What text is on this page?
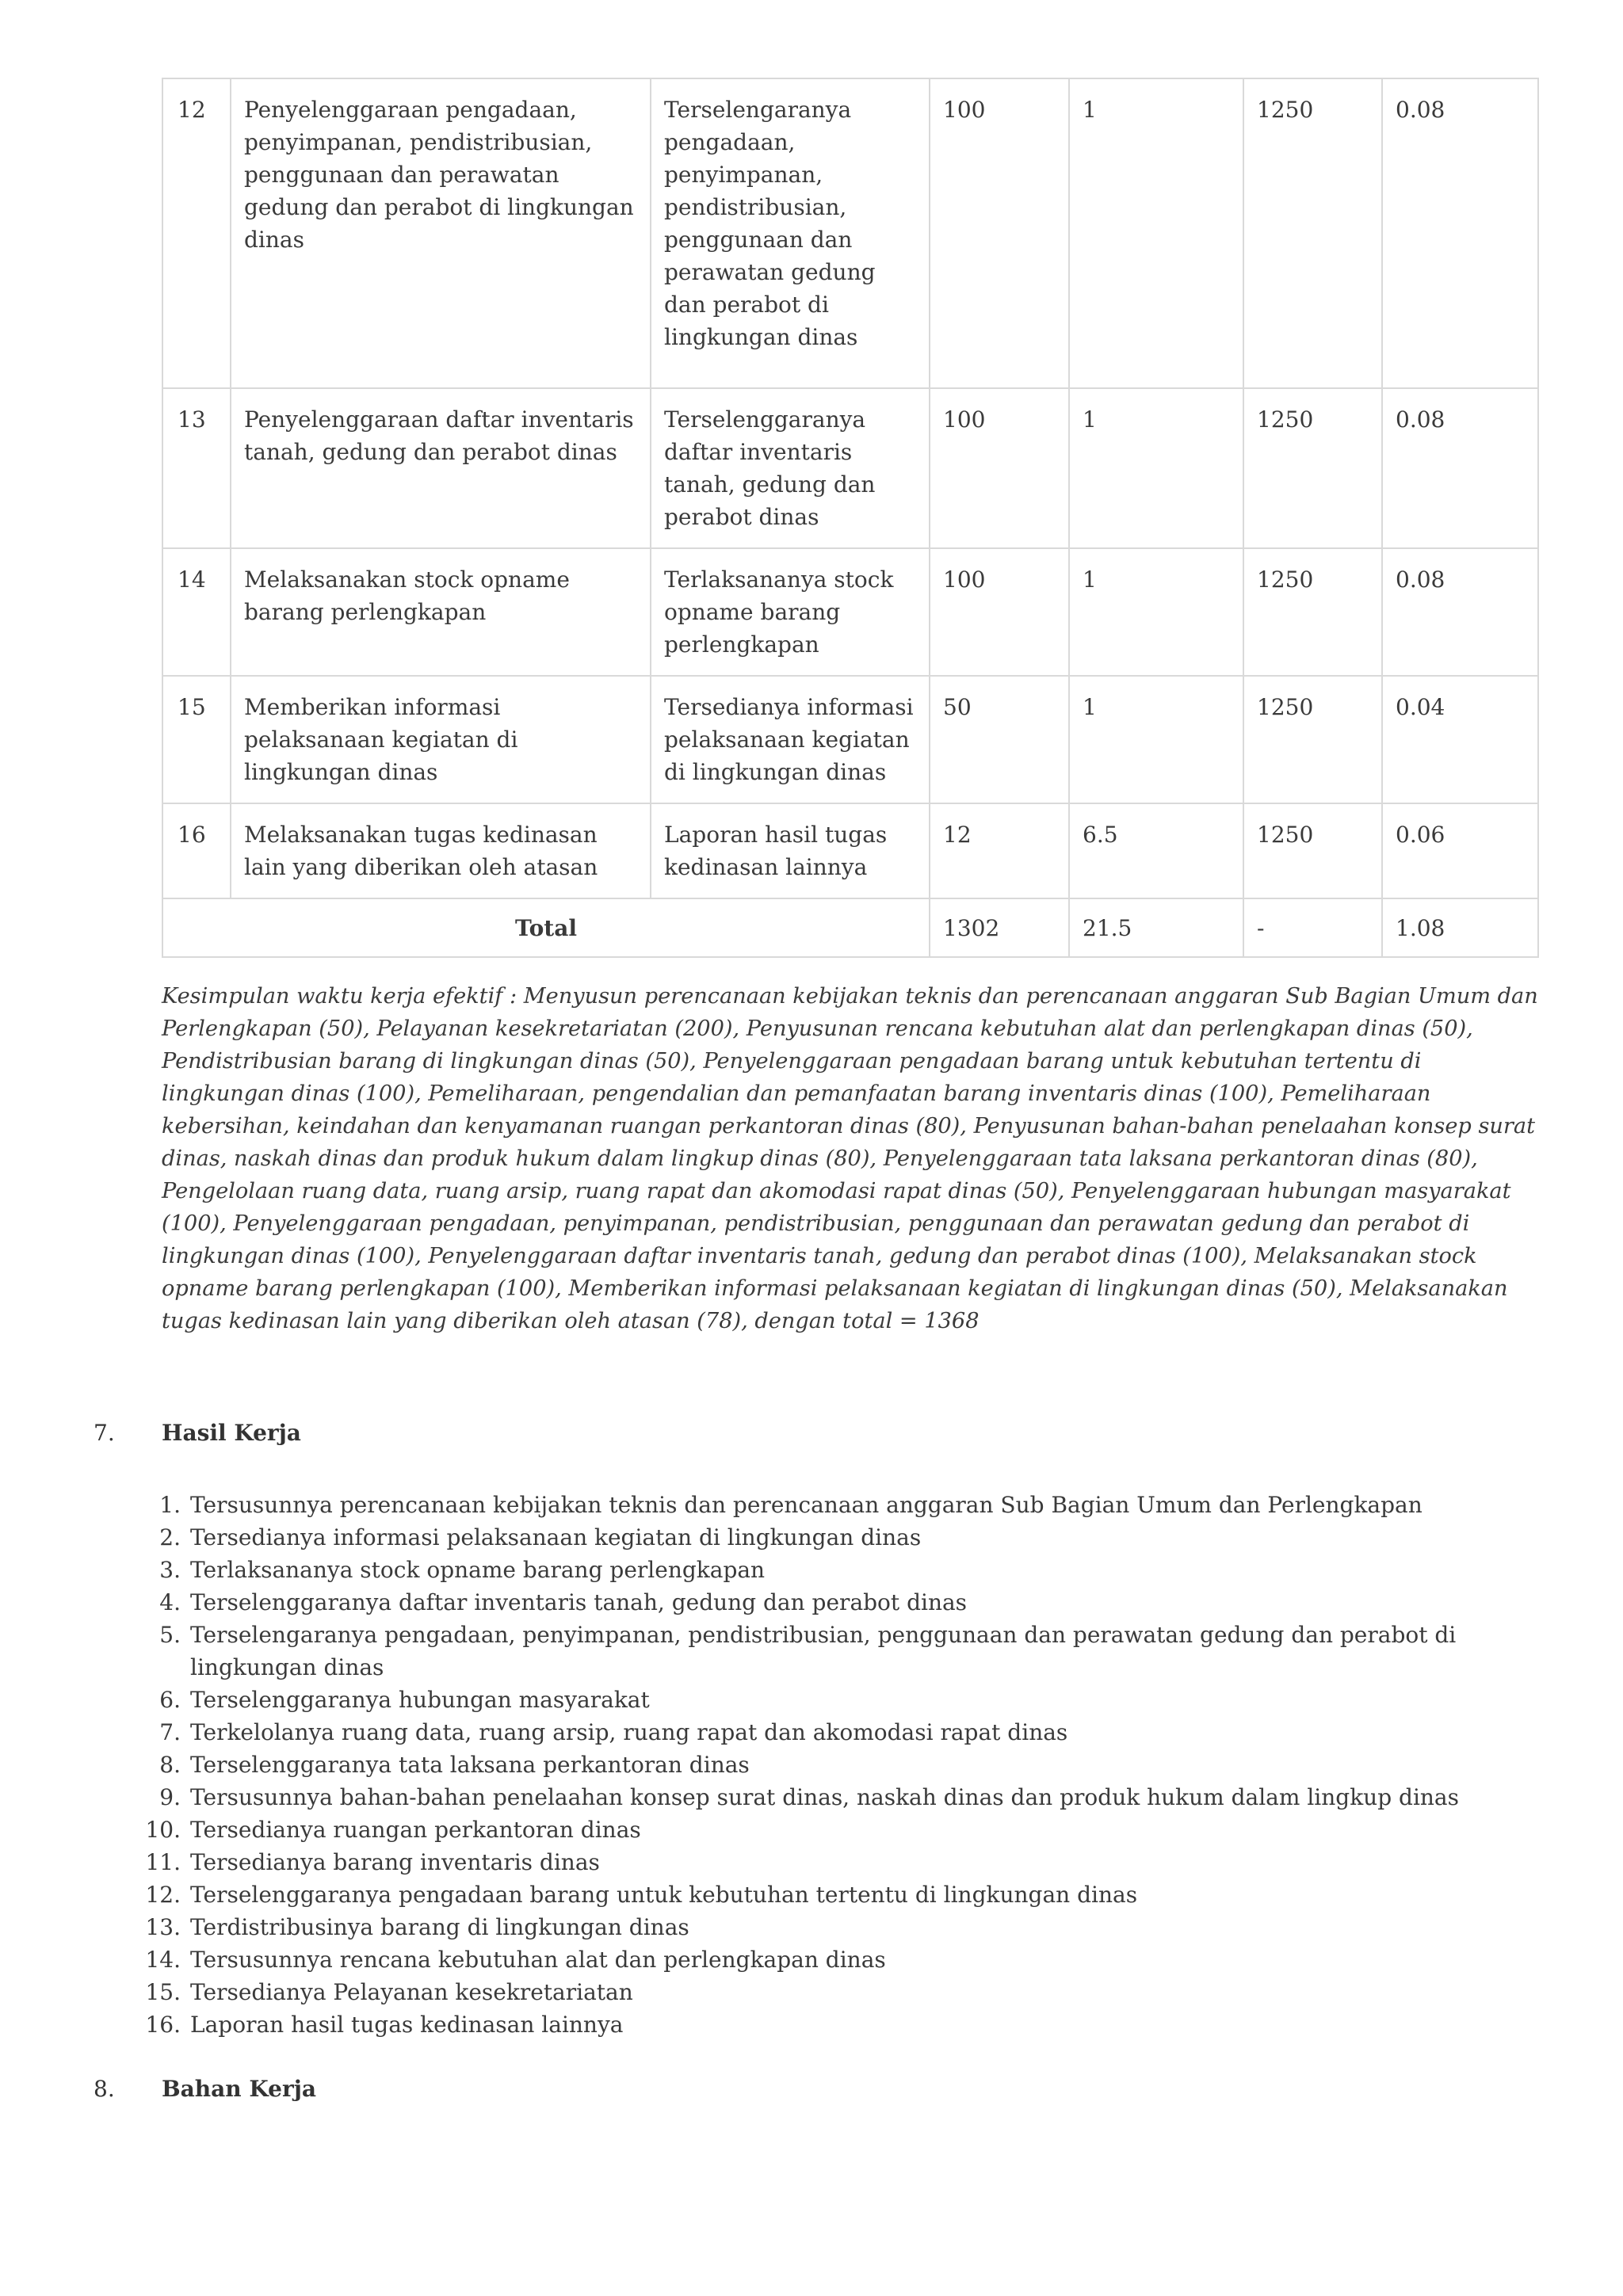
12	Penyelenggaraan pengadaan, penyimpanan, pendistribusian, penggunaan dan perawatan gedung dan perabot di lingkungan dinas	Terselengaranya pengadaan, penyimpanan, pendistribusian, penggunaan dan perawatan gedung dan perabot di lingkungan dinas	100	1	1250	0.08
13	Penyelenggaraan daftar inventaris tanah, gedung dan perabot dinas	Terselenggaranya daftar inventaris tanah, gedung dan perabot dinas	100	1	1250	0.08
14	Melaksanakan stock opname barang perlengkapan	Terlaksananya stock opname barang perlengkapan	100	1	1250	0.08
15	Memberikan informasi pelaksanaan kegiatan di lingkungan dinas	Tersedianya informasi pelaksanaan kegiatan di lingkungan dinas	50	1	1250	0.04
16	Melaksanakan tugas kedinasan lain yang diberikan oleh atasan	Laporan hasil tugas kedinasan lainnya	12	6.5	1250	0.06
Total			1302	21.5	-	1.08

Kesimpulan waktu kerja efektif : Menyusun perencanaan kebijakan teknis dan perencanaan anggaran Sub Bagian Umum dan Perlengkapan (50), Pelayanan kesekretariatan (200), Penyusunan rencana kebutuhan alat dan perlengkapan dinas (50), Pendistribusian barang di lingkungan dinas (50), Penyelenggaraan pengadaan barang untuk kebutuhan tertentu di lingkungan dinas (100), Pemeliharaan, pengendalian dan pemanfaatan barang inventaris dinas (100), Pemeliharaan kebersihan, keindahan dan kenyamanan ruangan perkantoran dinas (80), Penyusunan bahan-bahan penelaahan konsep surat dinas, naskah dinas dan produk hukum dalam lingkup dinas (80), Penyelenggaraan tata laksana perkantoran dinas (80), Pengelolaan ruang data, ruang arsip, ruang rapat dan akomodasi rapat dinas (50), Penyelenggaraan hubungan masyarakat (100), Penyelenggaraan pengadaan, penyimpanan, pendistribusian, penggunaan dan perawatan gedung dan perabot di lingkungan dinas (100), Penyelenggaraan daftar inventaris tanah, gedung dan perabot dinas (100), Melaksanakan stock opname barang perlengkapan (100), Memberikan informasi pelaksanaan kegiatan di lingkungan dinas (50), Melaksanakan tugas kedinasan lain yang diberikan oleh atasan (78), dengan total = 1368

7. Hasil Kerja
1. Tersusunnya perencanaan kebijakan teknis dan perencanaan anggaran Sub Bagian Umum dan Perlengkapan
2. Tersedianya informasi pelaksanaan kegiatan di lingkungan dinas
3. Terlaksananya stock opname barang perlengkapan
4. Terselenggaranya daftar inventaris tanah, gedung dan perabot dinas
5. Terselengaranya pengadaan, penyimpanan, pendistribusian, penggunaan dan perawatan gedung dan perabot di lingkungan dinas
6. Terselenggaranya hubungan masyarakat
7. Terkelolanya ruang data, ruang arsip, ruang rapat dan akomodasi rapat dinas
8. Terselenggaranya tata laksana perkantoran dinas
9. Tersusunnya bahan-bahan penelaahan konsep surat dinas, naskah dinas dan produk hukum dalam lingkup dinas
10. Tersedianya ruangan perkantoran dinas
11. Tersedianya barang inventaris dinas
12. Terselenggaranya pengadaan barang untuk kebutuhan tertentu di lingkungan dinas
13. Terdistribusinya barang di lingkungan dinas
14. Tersusunnya rencana kebutuhan alat dan perlengkapan dinas
15. Tersedianya Pelayanan kesekretariatan
16. Laporan hasil tugas kedinasan lainnya
8. Bahan Kerja
